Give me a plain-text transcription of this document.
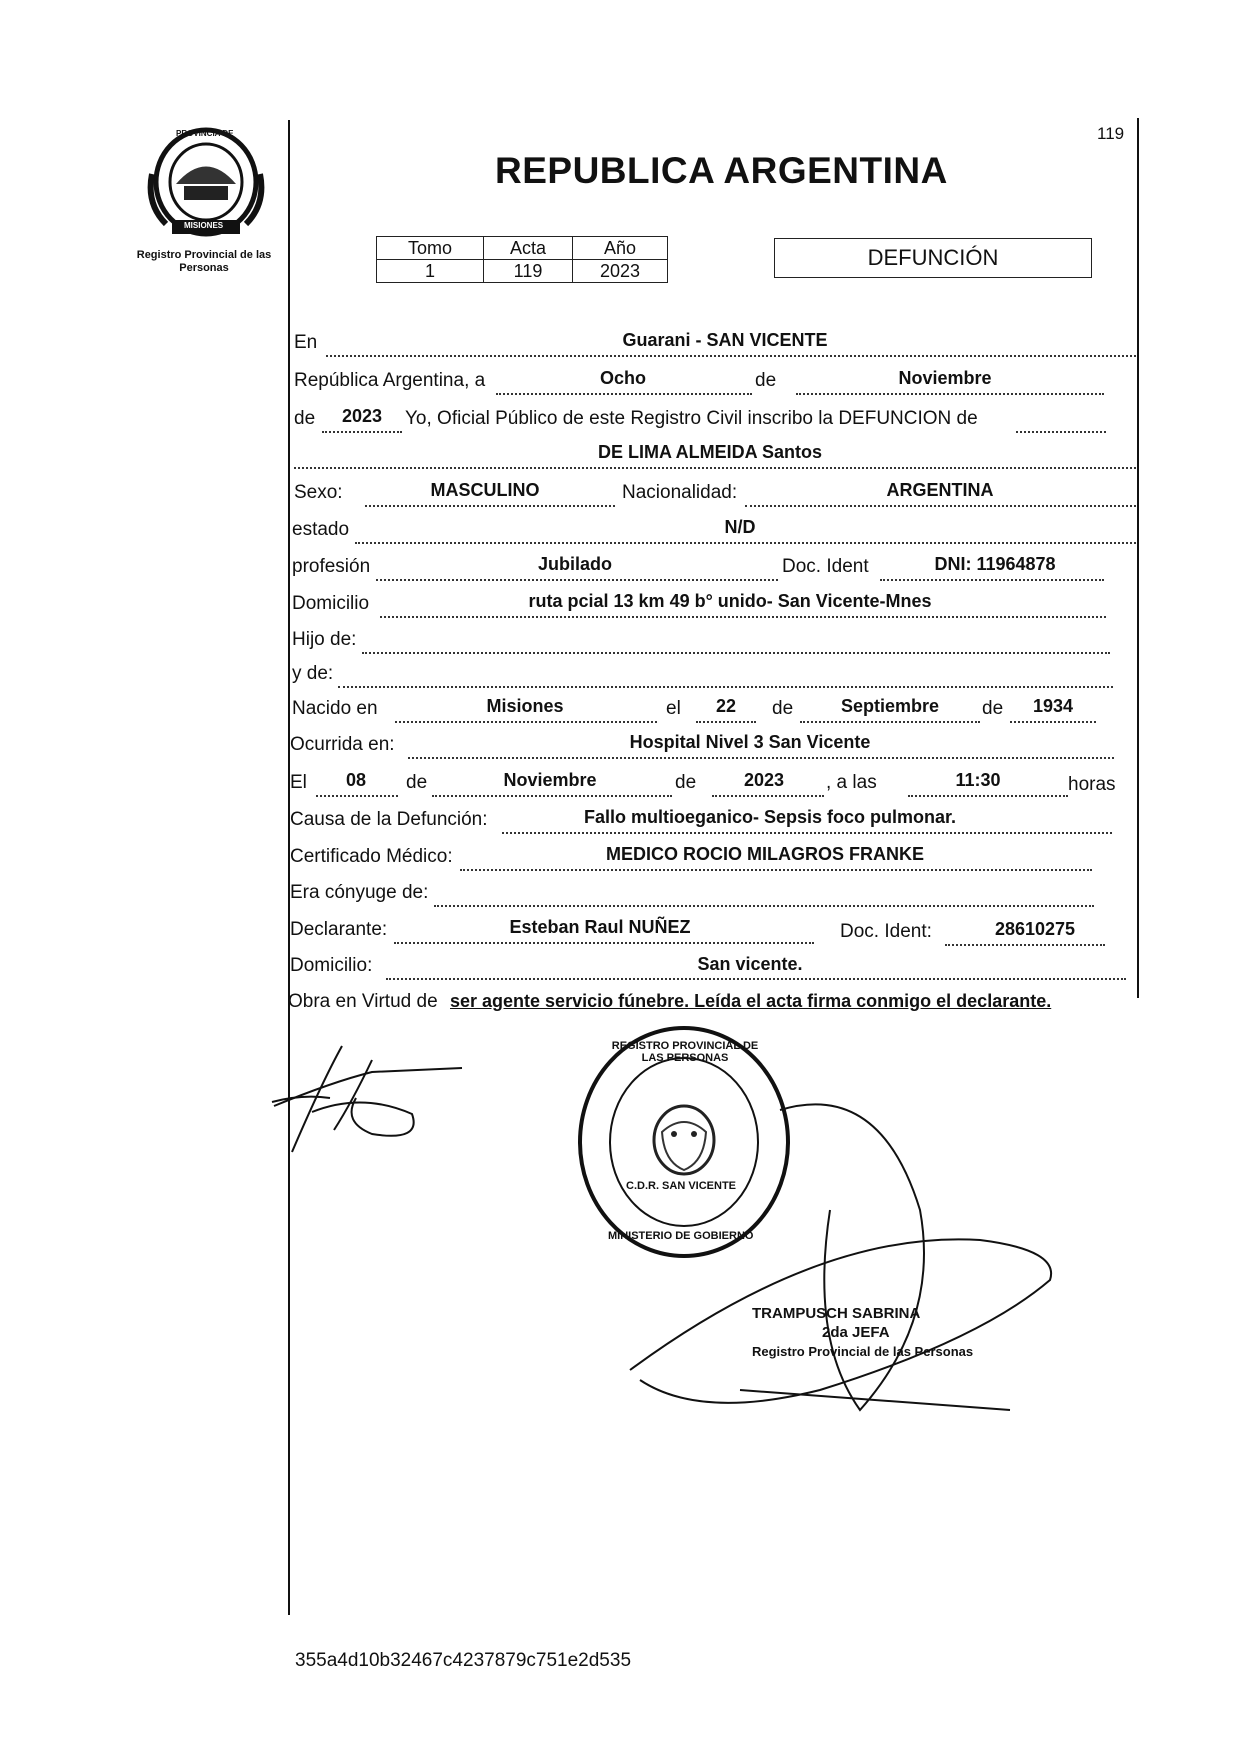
PROVINCIA DE
MISIONES
Registro Provincial de las Personas
119
REPUBLICA ARGENTINA
Tomo	Acta	Año
1	119	2023
DEFUNCIÓN
En	Guarani - SAN VICENTE
República Argentina, a	Ocho	de	Noviembre
de	2023	Yo, Oficial Público de este Registro Civil inscribo la DEFUNCION de
DE LIMA ALMEIDA Santos
Sexo:	MASCULINO	Nacionalidad:	ARGENTINA
estado	N/D
profesión	Jubilado	Doc. Ident	DNI: 11964878
Domicilio	ruta pcial 13 km 49 b° unido- San Vicente-Mnes
Hijo de:
y de:
Nacido en	Misiones	el	22	de	Septiembre	de	1934
Ocurrida en:	Hospital Nivel 3 San Vicente
El	08	de	Noviembre	de	2023	, a las	11:30	horas
Causa de la Defunción:	Fallo multioeganico- Sepsis foco pulmonar.
Certificado Médico:	MEDICO ROCIO MILAGROS FRANKE
Era cónyuge de:
Declarante:	Esteban Raul NUÑEZ	Doc. Ident:	28610275
Domicilio:	San vicente.
Obra en Virtud de ser agente servicio fúnebre. Leída el acta firma conmigo el declarante.
REGISTRO PROVINCIAL DE LAS PERSONAS
C.D.R. SAN VICENTE
MINISTERIO DE GOBIERNO
TRAMPUSCH SABRINA
2da JEFA
Registro Provincial de las Personas
355a4d10b32467c4237879c751e2d535
